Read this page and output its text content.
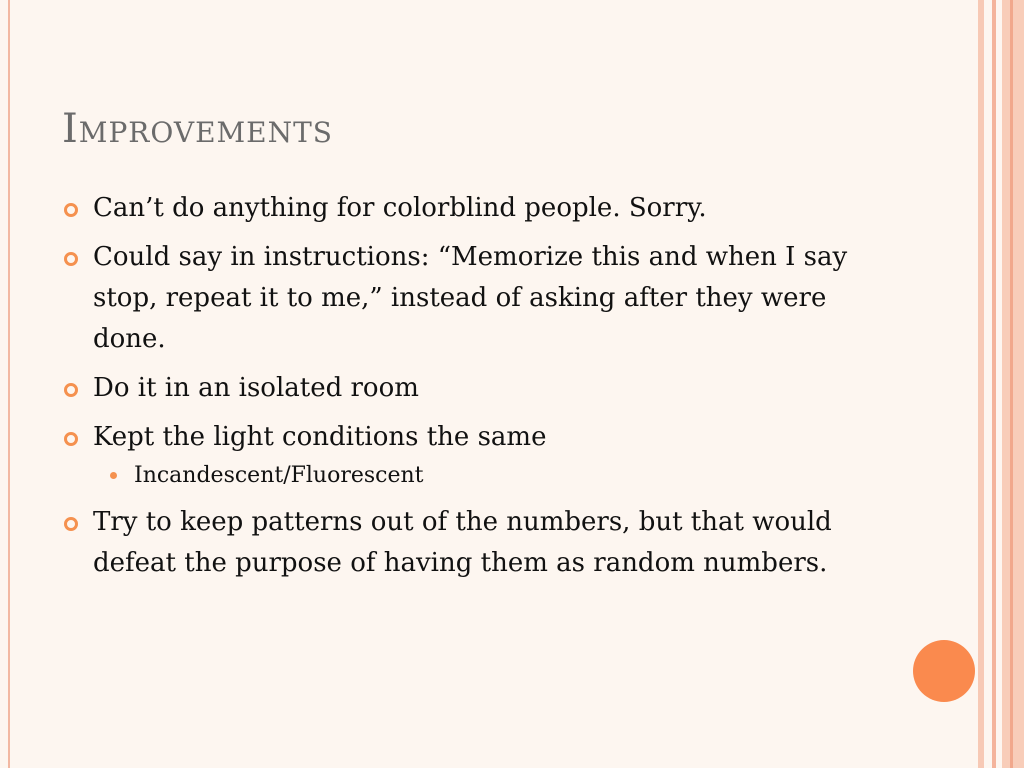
Improvements
Can’t do anything for colorblind people. Sorry.
Could say in instructions: “Memorize this and when I say stop, repeat it to me,” instead of asking after they were done.
Do it in an isolated room
Kept the light conditions the same
Incandescent/Fluorescent
Try to keep patterns out of the numbers, but that would defeat the purpose of having them as random numbers.
